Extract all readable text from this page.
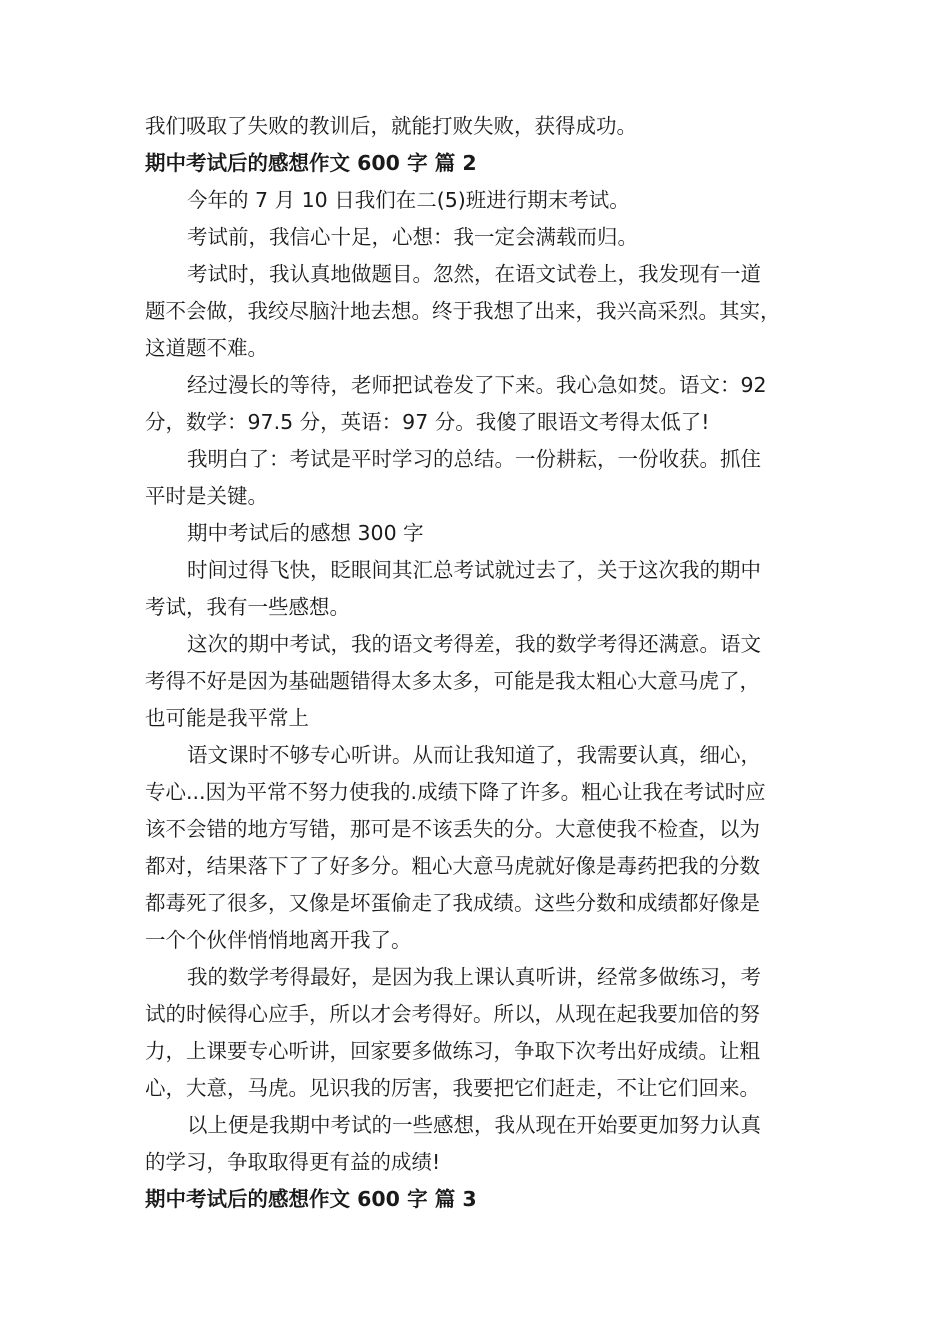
我们吸取了失败的教训后，就能打败失败，获得成功。
期中考试后的感想作文 600 字 篇 2
今年的 7 月 10 日我们在二(5)班进行期末考试。
考试前，我信心十足，心想：我一定会满载而归。
考试时，我认真地做题目。忽然，在语文试卷上，我发现有一道
题不会做，我绞尽脑汁地去想。终于我想了出来，我兴高采烈。其实，
这道题不难。
经过漫长的等待，老师把试卷发了下来。我心急如焚。语文：92
分，数学：97.5 分，英语：97 分。我傻了眼语文考得太低了!
我明白了：考试是平时学习的总结。一份耕耘，一份收获。抓住
平时是关键。
期中考试后的感想 300 字
时间过得飞快，眨眼间其汇总考试就过去了，关于这次我的期中
考试，我有一些感想。
这次的期中考试，我的语文考得差，我的数学考得还满意。语文
考得不好是因为基础题错得太多太多，可能是我太粗心大意马虎了，
也可能是我平常上
语文课时不够专心听讲。从而让我知道了，我需要认真，细心，
专心...因为平常不努力使我的.成绩下降了许多。粗心让我在考试时应
该不会错的地方写错，那可是不该丢失的分。大意使我不检查，以为
都对，结果落下了了好多分。粗心大意马虎就好像是毒药把我的分数
都毒死了很多，又像是坏蛋偷走了我成绩。这些分数和成绩都好像是
一个个伙伴悄悄地离开我了。
我的数学考得最好，是因为我上课认真听讲，经常多做练习，考
试的时候得心应手，所以才会考得好。所以，从现在起我要加倍的努
力，上课要专心听讲，回家要多做练习，争取下次考出好成绩。让粗
心，大意，马虎。见识我的厉害，我要把它们赶走，不让它们回来。
以上便是我期中考试的一些感想，我从现在开始要更加努力认真
的学习，争取取得更有益的成绩!
期中考试后的感想作文 600 字 篇 3
